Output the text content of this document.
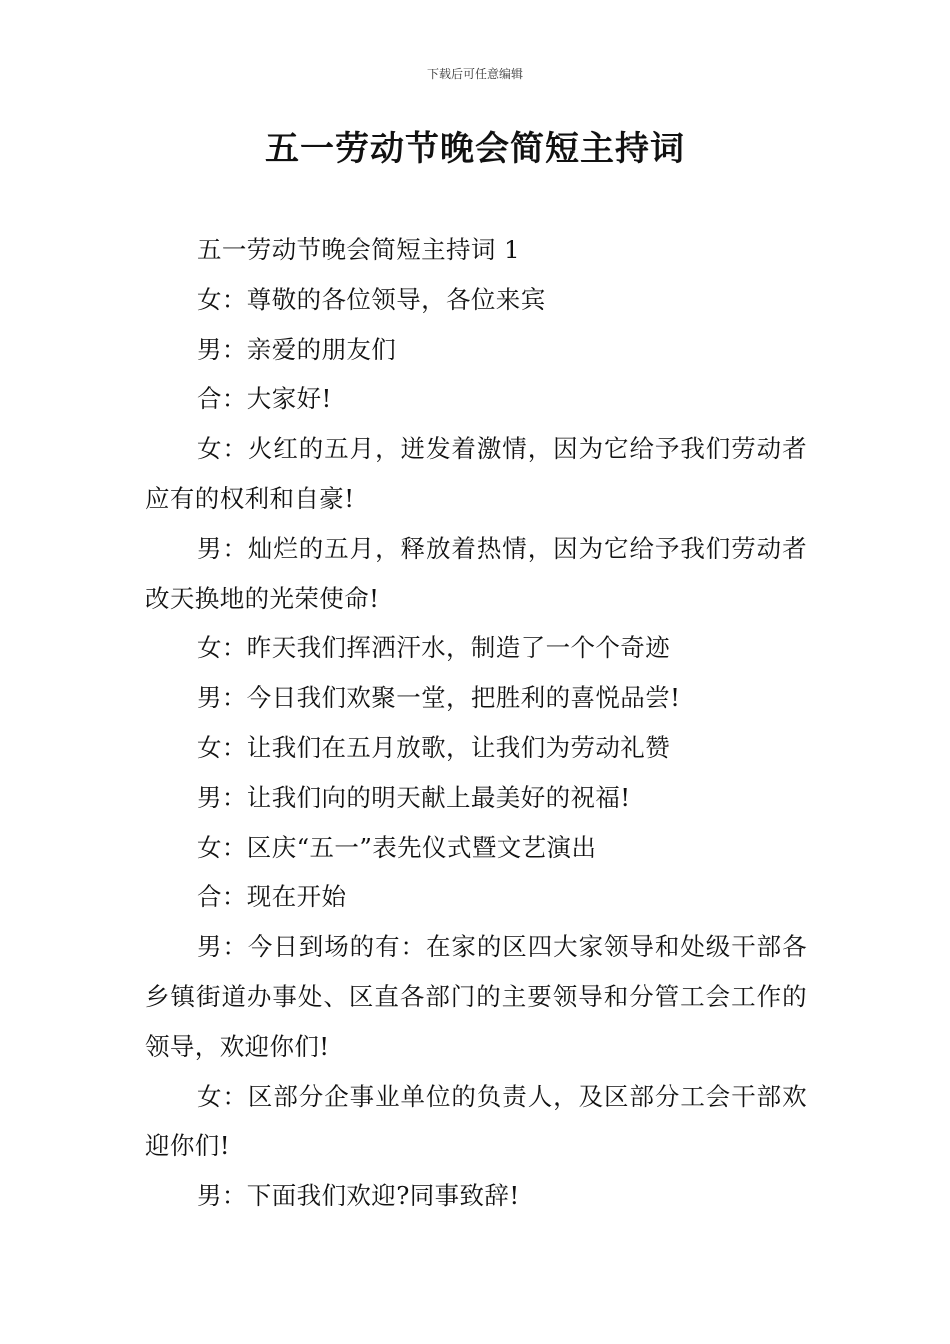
下载后可任意编辑
五一劳动节晚会简短主持词

五一劳动节晚会简短主持词 1

女：尊敬的各位领导，各位来宾

男：亲爱的朋友们

合：大家好!

女：火红的五月，迸发着激情，因为它给予我们劳动者应有的权利和自豪!

男：灿烂的五月，释放着热情，因为它给予我们劳动者改天换地的光荣使命!

女：昨天我们挥洒汗水，制造了一个个奇迹

男：今日我们欢聚一堂，把胜利的喜悦品尝!

女：让我们在五月放歌，让我们为劳动礼赞

男：让我们向的明天献上最美好的祝福!

女：区庆“五一”表先仪式暨文艺演出

合：现在开始

男：今日到场的有：在家的区四大家领导和处级干部各乡镇街道办事处、区直各部门的主要领导和分管工会工作的领导，欢迎你们!

女：区部分企事业单位的负责人，及区部分工会干部欢迎你们!

男：下面我们欢迎?同事致辞!
